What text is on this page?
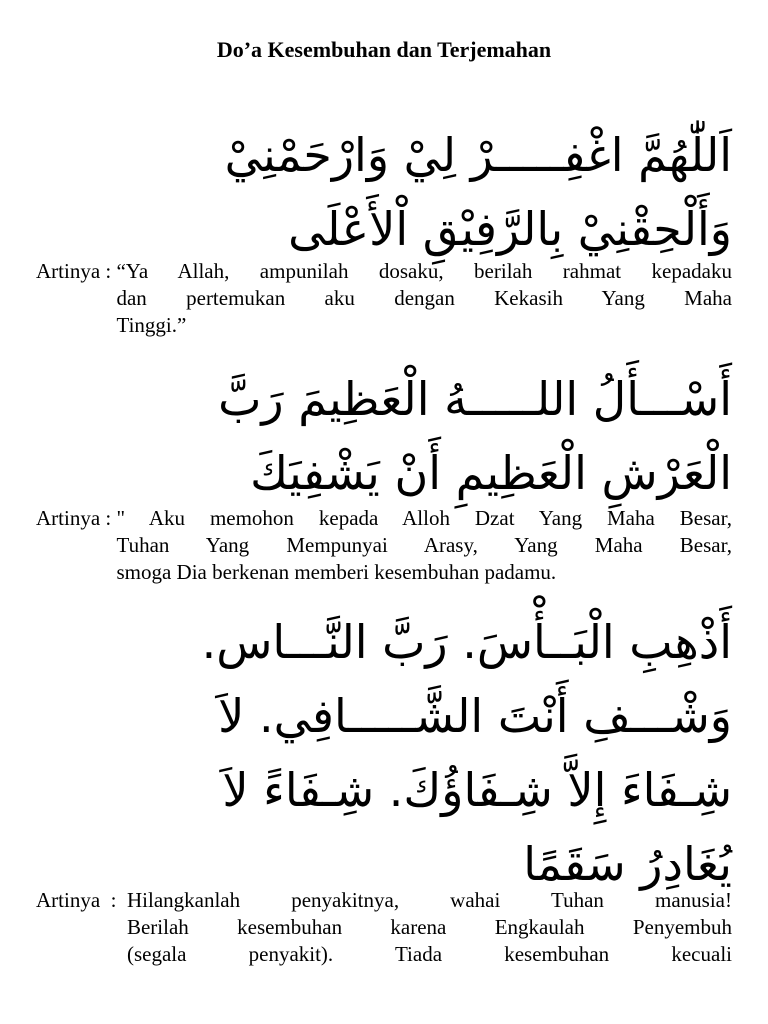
Do’a Kesembuhan dan Terjemahan
اَللّٰهُمَّ اغْفِـــــرْ لِيْ وَارْحَمْنِيْ
وَأَلْحِقْنِيْ بِالرَّفِيْقِ اْلأَعْلَى
Artinya : “Ya Allah, ampunilah dosaku, berilah rahmat kepadaku
dan pertemukan aku dengan Kekasih Yang Maha
Tinggi.”
أَسْـــأَلُ اللـــــهُ الْعَظِيمَ رَبَّ
الْعَرْشِ الْعَظِيمِ أَنْ يَشْفِيَكَ
Artinya : " Aku memohon kepada Alloh Dzat Yang Maha Besar,
Tuhan Yang Mempunyai Arasy, Yang Maha Besar,
smoga Dia berkenan memberi kesembuhan padamu.
أَذْهِبِ الْبَــأْسَ. رَبَّ النَّـــاس.
وَشْـــفِ أَنْتَ الشَّـــــافِي. لاَ
شِـفَاءَ إِلاَّ شِـفَاؤُكَ. شِـفَاءً لاَ
يُغَادِرُ سَقَمًا
Artinya  : Hilangkanlah penyakitnya, wahai Tuhan manusia!
Berilah kesembuhan karena Engkaulah Penyembuh
(segala penyakit). Tiada kesembuhan kecuali
